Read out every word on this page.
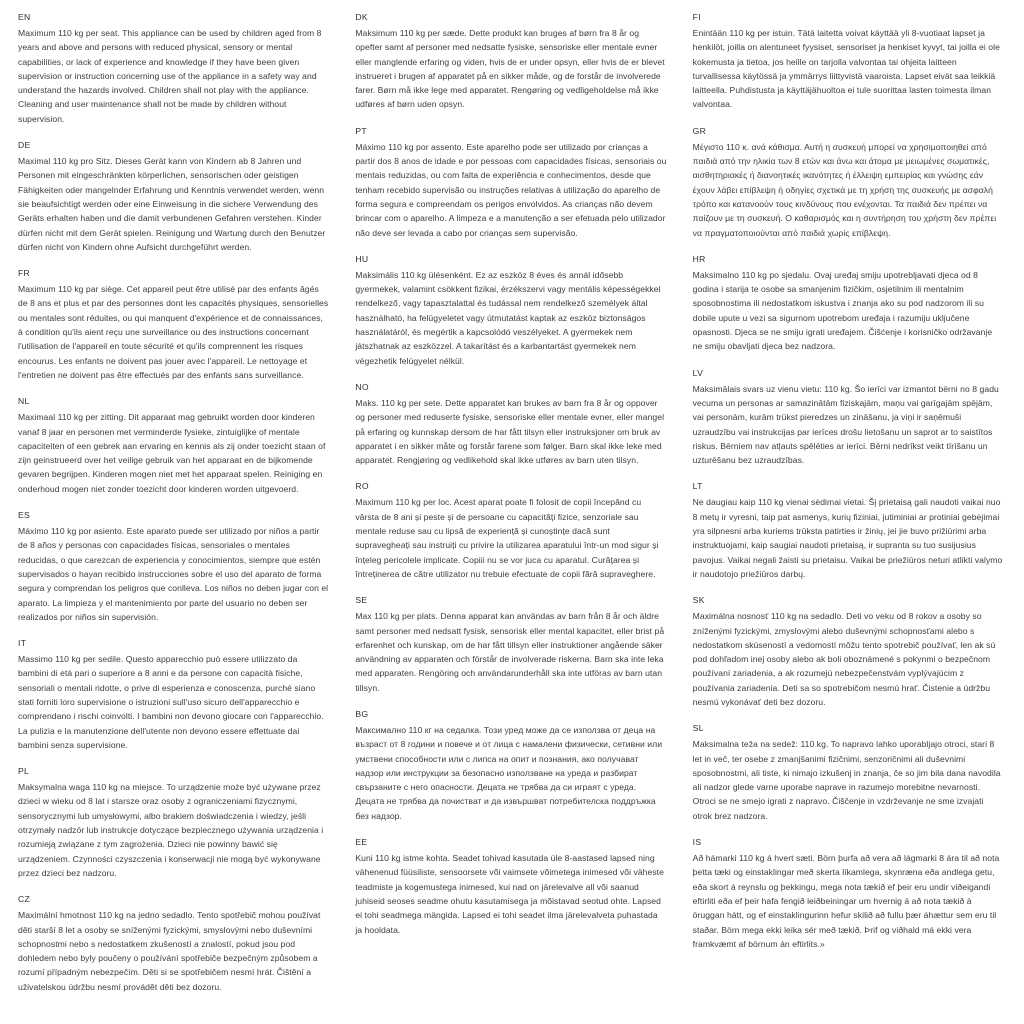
EN

Maximum 110 kg per seat. This appliance can be used by children aged from 8 years and above and persons with reduced physical, sensory or mental capabilities, or lack of experience and knowledge if they have been given supervision or instruction concerning use of the appliance in a safety way and understand the hazards involved. Children shall not play with the appliance. Cleaning and user maintenance shall not be made by children without supervision.

DE

Maximal 110 kg pro Sitz. Dieses Gerät kann von Kindern ab 8 Jahren und Personen mit eingeschränkten körperlichen, sensorischen oder geistigen Fähigkeiten oder mangelnder Erfahrung und Kenntnis verwendet werden, wenn sie beaufsichtigt werden oder eine Einweisung in die sichere Verwendung des Geräts erhalten haben und die damit verbundenen Gefahren verstehen. Kinder dürfen nicht mit dem Gerät spielen. Reinigung und Wartung durch den Benutzer dürfen nicht von Kindern ohne Aufsicht durchgeführt werden.

FR

Maximum 110 kg par siège. Cet appareil peut être utilisé par des enfants âgés de 8 ans et plus et par des personnes dont les capacités physiques, sensorielles ou mentales sont réduites, ou qui manquent d'expérience et de connaissances, à condition qu'ils aient reçu une surveillance ou des instructions concernant l'utilisation de l'appareil en toute sécurité et qu'ils comprennent les risques encourus. Les enfants ne doivent pas jouer avec l'appareil. Le nettoyage et l'entretien ne doivent pas être effectués par des enfants sans surveillance.

NL

Maximaal 110 kg per zitting. Dit apparaat mag gebruikt worden door kinderen vanaf 8 jaar en personen met verminderde fysieke, zintuiglijke of mentale capaciteiten of een gebrek aan ervaring en kennis als zij onder toezicht staan of zijn geinstrueerd over het veilige gebruik van het apparaat en de bijkomende gevaren begrijpen. Kinderen mogen niet met het apparaat spelen. Reiniging en onderhoud mogen niet zonder toezicht door kinderen worden uitgevoerd.

ES

Máximo 110 kg por asiento. Este aparato puede ser utilizado por niños a partir de 8 años y personas con capacidades físicas, sensoriales o mentales reducidas, o que carezcan de experiencia y conocimientos, siempre que estén supervisados o hayan recibido instrucciones sobre el uso del aparato de forma segura y comprendan los peligros que conlleva. Los niños no deben jugar con el aparato. La limpieza y el mantenimiento por parte del usuario no deben ser realizados por niños sin supervisión.

IT

Massimo 110 kg per sedile. Questo apparecchio può essere utilizzato da bambini di età pari o superiore a 8 anni e da persone con capacità fisiche, sensoriali o mentali ridotte, o prive di esperienza e conoscenza, purché siano stati forniti loro supervisione o istruzioni sull'uso sicuro dell'apparecchio e comprendano i rischi coinvolti. I bambini non devono giocare con l'apparecchio. La pulizia e la manutenzione dell'utente non devono essere effettuate dai bambini senza supervisione.

PL

Maksymalna waga 110 kg na miejsce. To urządzenie może być używane przez dzieci w wieku od 8 lat i starsze oraz osoby z ograniczeniami fizycznymi, sensorycznymi lub umysłowymi, albo brakiem doświadczenia i wiedzy, jeśli otrzymały nadzór lub instrukcje dotyczące bezpiecznego używania urządzenia i rozumieją związane z tym zagrożenia. Dzieci nie powinny bawić się urządzeniem. Czynności czyszczenia i konserwacji nie mogą być wykonywane przez dzieci bez nadzoru.

CZ

Maximální hmotnost 110 kg na jedno sedadlo. Tento spotřebič mohou používat děti starší 8 let a osoby se sníženými fyzickými, smyslovými nebo duševními schopnostmi nebo s nedostatkem zkušeností a znalostí, pokud jsou pod dohledem nebo byly poučeny o používání spotřebiče bezpečným způsobem a rozumí případným nebezpečím. Děti si se spotřebičem nesmí hrát. Čištění a uživatelskou údržbu nesmí provádět děti bez dozoru.

DK

Maksimum 110 kg per sæde. Dette produkt kan bruges af børn fra 8 år og opefter samt af personer med nedsatte fysiske, sensoriske eller mentale evner eller manglende erfaring og viden, hvis de er under opsyn, eller hvis de er blevet instrueret i brugen af apparatet på en sikker måde, og de forstår de involverede farer. Børn må ikke lege med apparatet. Rengøring og vedligeholdelse må ikke udføres af børn uden opsyn.

PT

Máximo 110 kg por assento. Este aparelho pode ser utilizado por crianças a partir dos 8 anos de idade e por pessoas com capacidades físicas, sensoriais ou mentais reduzidas, ou com falta de experiência e conhecimentos, desde que tenham recebido supervisão ou instruções relativas à utilização do aparelho de forma segura e compreendam os perigos envolvidos. As crianças não devem brincar com o aparelho. A limpeza e a manutenção a ser efetuada pelo utilizador não deve ser levada a cabo por crianças sem supervisão.

HU

Maksimális 110 kg ülésenként. Ez az eszköz 8 éves és annál idősebb gyermekek, valamint csökkent fizikai, érzékszervi vagy mentális képességekkel rendelkező, vagy tapasztalattal és tudással nem rendelkező személyek által használható, ha felügyeletet vagy útmutatást kaptak az eszköz biztonságos használatáról, és megértik a kapcsolódó veszélyeket. A gyermekek nem játszhatnak az eszközzel. A takarítást és a karbantartást gyermekek nem végezhetik felügyelet nélkül.

NO

Maks. 110 kg per sete. Dette apparatet kan brukes av barn fra 8 år og oppover og personer med reduserte fysiske, sensoriske eller mentale evner, eller mangel på erfaring og kunnskap dersom de har fått tilsyn eller instruksjoner om bruk av apparatet i en sikker måte og forstår farene som følger. Barn skal ikke leke med apparatet. Rengjøring og vedlikehold skal ikke utføres av barn uten tilsyn.

RO

Maximum 110 kg per loc. Acest aparat poate fi folosit de copii începând cu vârsta de 8 ani și peste și de persoane cu capacități fizice, senzoriale sau mentale reduse sau cu lipsă de experiență și cunoștințe dacă sunt supravegheați sau instruiți cu privire la utilizarea aparatului într-un mod sigur și înțeleg pericolele implicate. Copiii nu se vor juca cu aparatul. Curățarea și întreținerea de către utilizator nu trebuie efectuate de copii fără supraveghere.

SE

Max 110 kg per plats. Denna apparat kan användas av barn från 8 år och äldre samt personer med nedsatt fysisk, sensorisk eller mental kapacitet, eller brist på erfarenhet och kunskap, om de har fått tillsyn eller instruktioner angående säker användning av apparaten och förstår de involverade riskerna. Barn ska inte leka med apparaten. Rengöring och användarunderhåll ska inte utföras av barn utan tillsyn.

BG

Максимално 110 кг на седалка. Този уред може да се използва от деца на възраст от 8 години и повече и от лица с намалени физически, сетивни или умствени способности или с липса на опит и познания, ако получават надзор или инструкции за безопасно използване на уреда и разбират свързаните с него опасности. Децата не трябва да си играят с уреда. Децата не трябва да почистват и да извършват потребителска поддръжка без надзор.

EE

Kuni 110 kg istme kohta. Seadet tohivad kasutada üle 8-aastased lapsed ning vähenenud füüsiliste, sensoorsete või vaimsete võimetega inimesed või väheste teadmiste ja kogemustega inimesed, kui nad on järelevalve all või saanud juhiseid seoses seadme ohutu kasutamisega ja mõistavad seotud ohte. Lapsed ei tohi seadmega mängida. Lapsed ei tohi seadet ilma järelevalveta puhastada ja hooldata.

FI

Enintään 110 kg per istuin. Tätä laitetta voivat käyttää yli 8-vuotiaat lapset ja henkilöt, joilla on alentuneet fyysiset, sensoriset ja henkiset kyvyt, tai joilla ei ole kokemusta ja tietoa, jos heille on tarjolla valvontaa tai ohjeita laitteen turvallisessa käytössä ja ymmärrys liittyvistä vaaroista. Lapset eivät saa leikkiä laitteella. Puhdistusta ja käyttäjähuoltoa ei tule suorittaa lasten toimesta ilman valvontaa.

GR

Μέγιστο 110 κ. ανά κάθισμα. Αυτή η συσκευή μπορεί να χρησιμοποιηθεί από παιδιά από την ηλικία των 8 ετών και άνω και άτομα με μειωμένες σωματικές, αισθητηριακές ή διανοητικές ικανότητες ή έλλειψη εμπειρίας και γνώσης εάν έχουν λάβει επίβλεψη ή οδηγίες σχετικά με τη χρήση της συσκευής με ασφαλή τρόπο και κατανοούν τους κινδύνους που ενέχονται. Τα παιδιά δεν πρέπει να παίζουν με τη συσκευή. Ο καθαρισμός και η συντήρηση του χρήστη δεν πρέπει να πραγματοποιούνται από παιδιά χωρίς επίβλεψη.

HR

Maksimalno 110 kg po sjedalu. Ovaj uređaj smiju upotrebljavati djeca od 8 godina i starija te osobe sa smanjenim fizičkim, osjetilnim ili mentalnim sposobnostima ili nedostatkom iskustva i znanja ako su pod nadzorom ili su dobile upute u vezi sa sigurnom upotrebom uređaja i razumiju uključene opasnosti. Djeca se ne smiju igrati uređajem. Čišćenje i korisničko održavanje ne smiju obavljati djeca bez nadzora.

LV

Maksimālais svars uz vienu vietu: 110 kg. Šo ierīci var izmantot bērni no 8 gadu vecuma un personas ar samazinātām fiziskajām, maņu vai garīgajām spējām, vai personām, kurām trūkst pieredzes un zināšanu, ja viņi ir saņēmuši uzraudzību vai instrukcijas par ierīces drošu lietošanu un saprot ar to saistītos riskus. Bērniem nav atļauts spēlēties ar ierīci. Bērni nedrīkst veikt tīrīšanu un uzturēšanu bez uzraudzības.

LT

Ne daugiau kaip 110 kg vienai sėdimai vietai. Šį prietaisą gali naudoti vaikai nuo 8 metų ir vyresni, taip pat asmenys, kurių fiziniai, jutiminiai ar protiniai gebėjimai yra silpnesni arba kuriems trūksta patirties ir žinių, jei jie buvo prižiūrimi arba instruktuojami, kaip saugiai naudoti prietaisą, ir supranta su tuo susijusius pavojus. Vaikai negali žaisti su prietaisu. Vaikai be priežiūros neturi atlikti valymo ir naudotojo priežiūros darbų.

SK

Maximálna nosnosť 110 kg na sedadlo. Deti vo veku od 8 rokov a osoby so zníženými fyzickými, zmyslovými alebo duševnými schopnosťami alebo s nedostatkom skúseností a vedomostí môžu tento spotrebič používať, len ak sú pod dohľadom inej osoby alebo ak boli oboznámené s pokynmi o bezpečnom používaní zariadenia, a ak rozumejú nebezpečenstvám vyplývajúcim z používania zariadenia. Deti sa so spotrebičom nesmú hrať. Čistenie a údržbu nesmú vykonávať deti bez dozoru.

SL

Maksimalna teža na sedež: 110 kg. To napravo lahko uporabljajo otroci, stari 8 let in več, ter osebe z zmanjšanimi fizičnimi, senzoričnimi ali duševnimi sposobnostmi, ali tiste, ki nimajo izkušenj in znanja, če so jim bila dana navodila ali nadzor glede varne uporabe naprave in razumejo morebitne nevarnosti. Otroci se ne smejo igrati z napravo. Čiščenje in vzdrževanje ne sme izvajati otrok brez nadzora.

IS

Að hámarki 110 kg á hvert sæti. Börn þurfa að vera að lágmarki 8 ára til að nota þetta tæki og einstaklingar með skerta líkamlega, skynræna eða andlega getu, eða skort á reynslu og þekkingu, mega nota tækið ef þeir eru undir viðeigandi eftirliti eða ef þeir hafa fengið leiðbeiningar um hvernig á að nota tækið á öruggan hátt, og ef einstaklingurinn hefur skilið að fullu þær áhættur sem eru til staðar. Börn mega ekki leika sér með tækið. Þrif og viðhald má ekki vera framkvæmt af börnum án eftirlits.»
